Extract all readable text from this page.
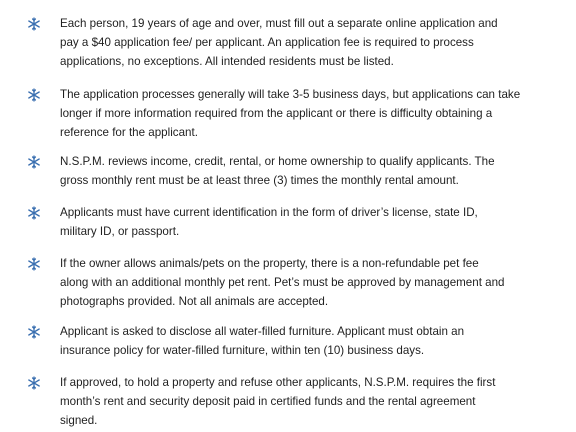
Each person, 19 years of age and over, must fill out a separate online application and
pay a $40 application fee/ per applicant. An application fee is required to process
applications, no exceptions. All intended residents must be listed.

The application processes generally will take 3-5 business days, but applications can take
longer if more information required from the applicant or there is difficulty obtaining a
reference for the applicant.

N.S.P.M. reviews income, credit, rental, or home ownership to qualify applicants. The
gross monthly rent must be at least three (3) times the monthly rental amount.

Applicants must have current identification in the form of driver’s license, state ID,
military ID, or passport.

If the owner allows animals/pets on the property, there is a non-refundable pet fee
along with an additional monthly pet rent. Pet’s must be approved by management and
photographs provided. Not all animals are accepted.

Applicant is asked to disclose all water-filled furniture. Applicant must obtain an
insurance policy for water-filled furniture, within ten (10) business days.

If approved, to hold a property and refuse other applicants, N.S.P.M. requires the first
month’s rent and security deposit paid in certified funds and the rental agreement
signed.
